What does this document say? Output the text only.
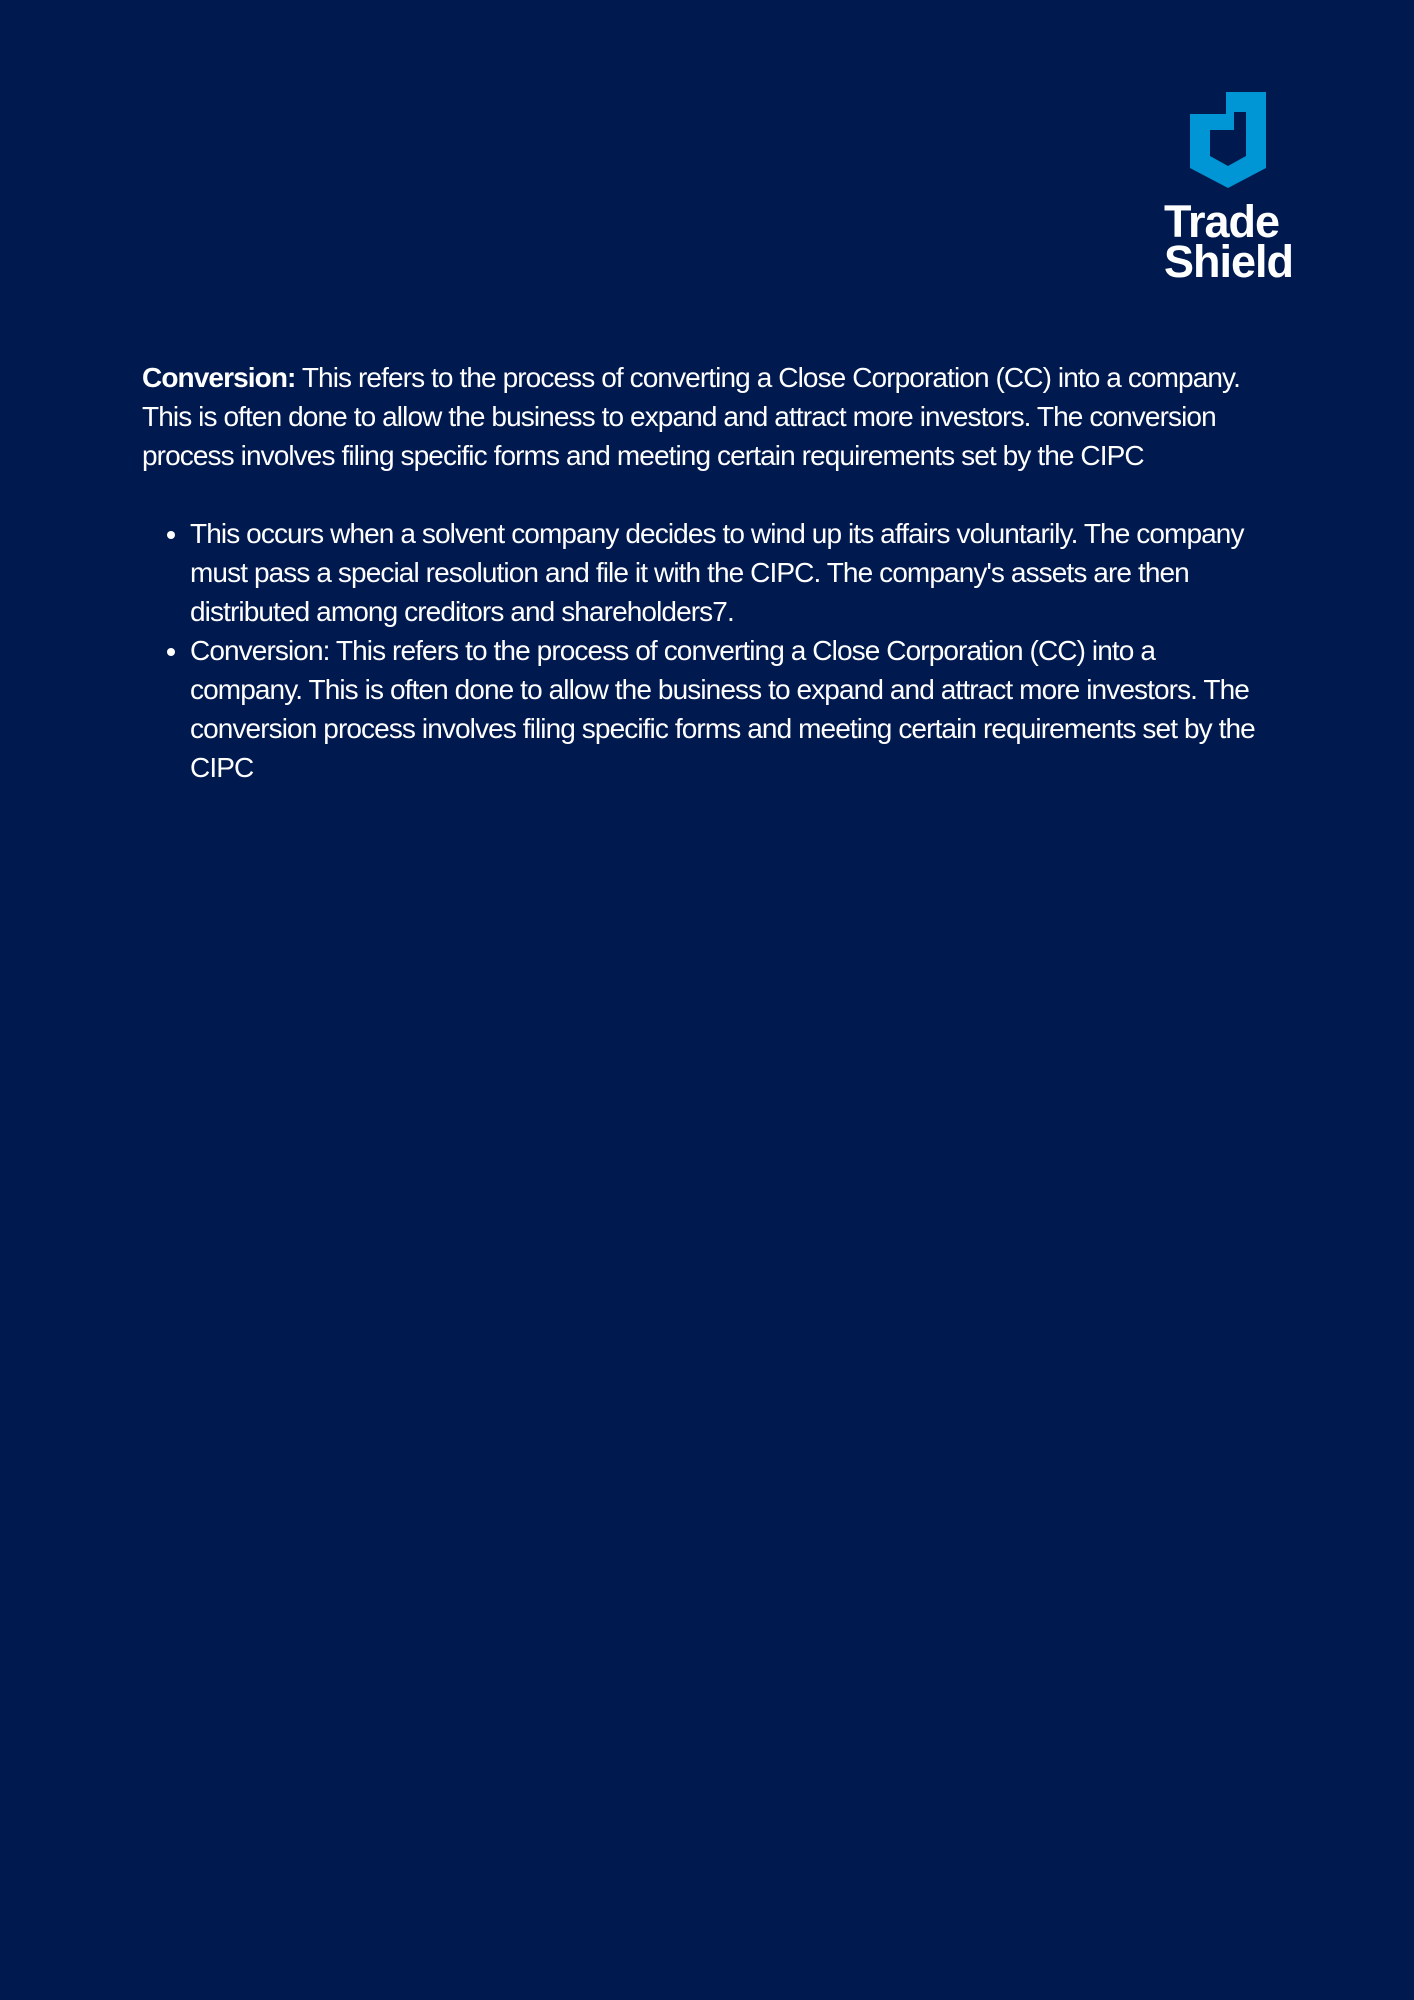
Trade
Shield

Conversion: This refers to the process of converting a Close Corporation (CC) into a company. This is often done to allow the business to expand and attract more investors. The conversion process involves filing specific forms and meeting certain requirements set by the CIPC

• This occurs when a solvent company decides to wind up its affairs voluntarily. The company must pass a special resolution and file it with the CIPC. The company's assets are then distributed among creditors and shareholders7.
• Conversion: This refers to the process of converting a Close Corporation (CC) into a company. This is often done to allow the business to expand and attract more investors. The conversion process involves filing specific forms and meeting certain requirements set by the CIPC
